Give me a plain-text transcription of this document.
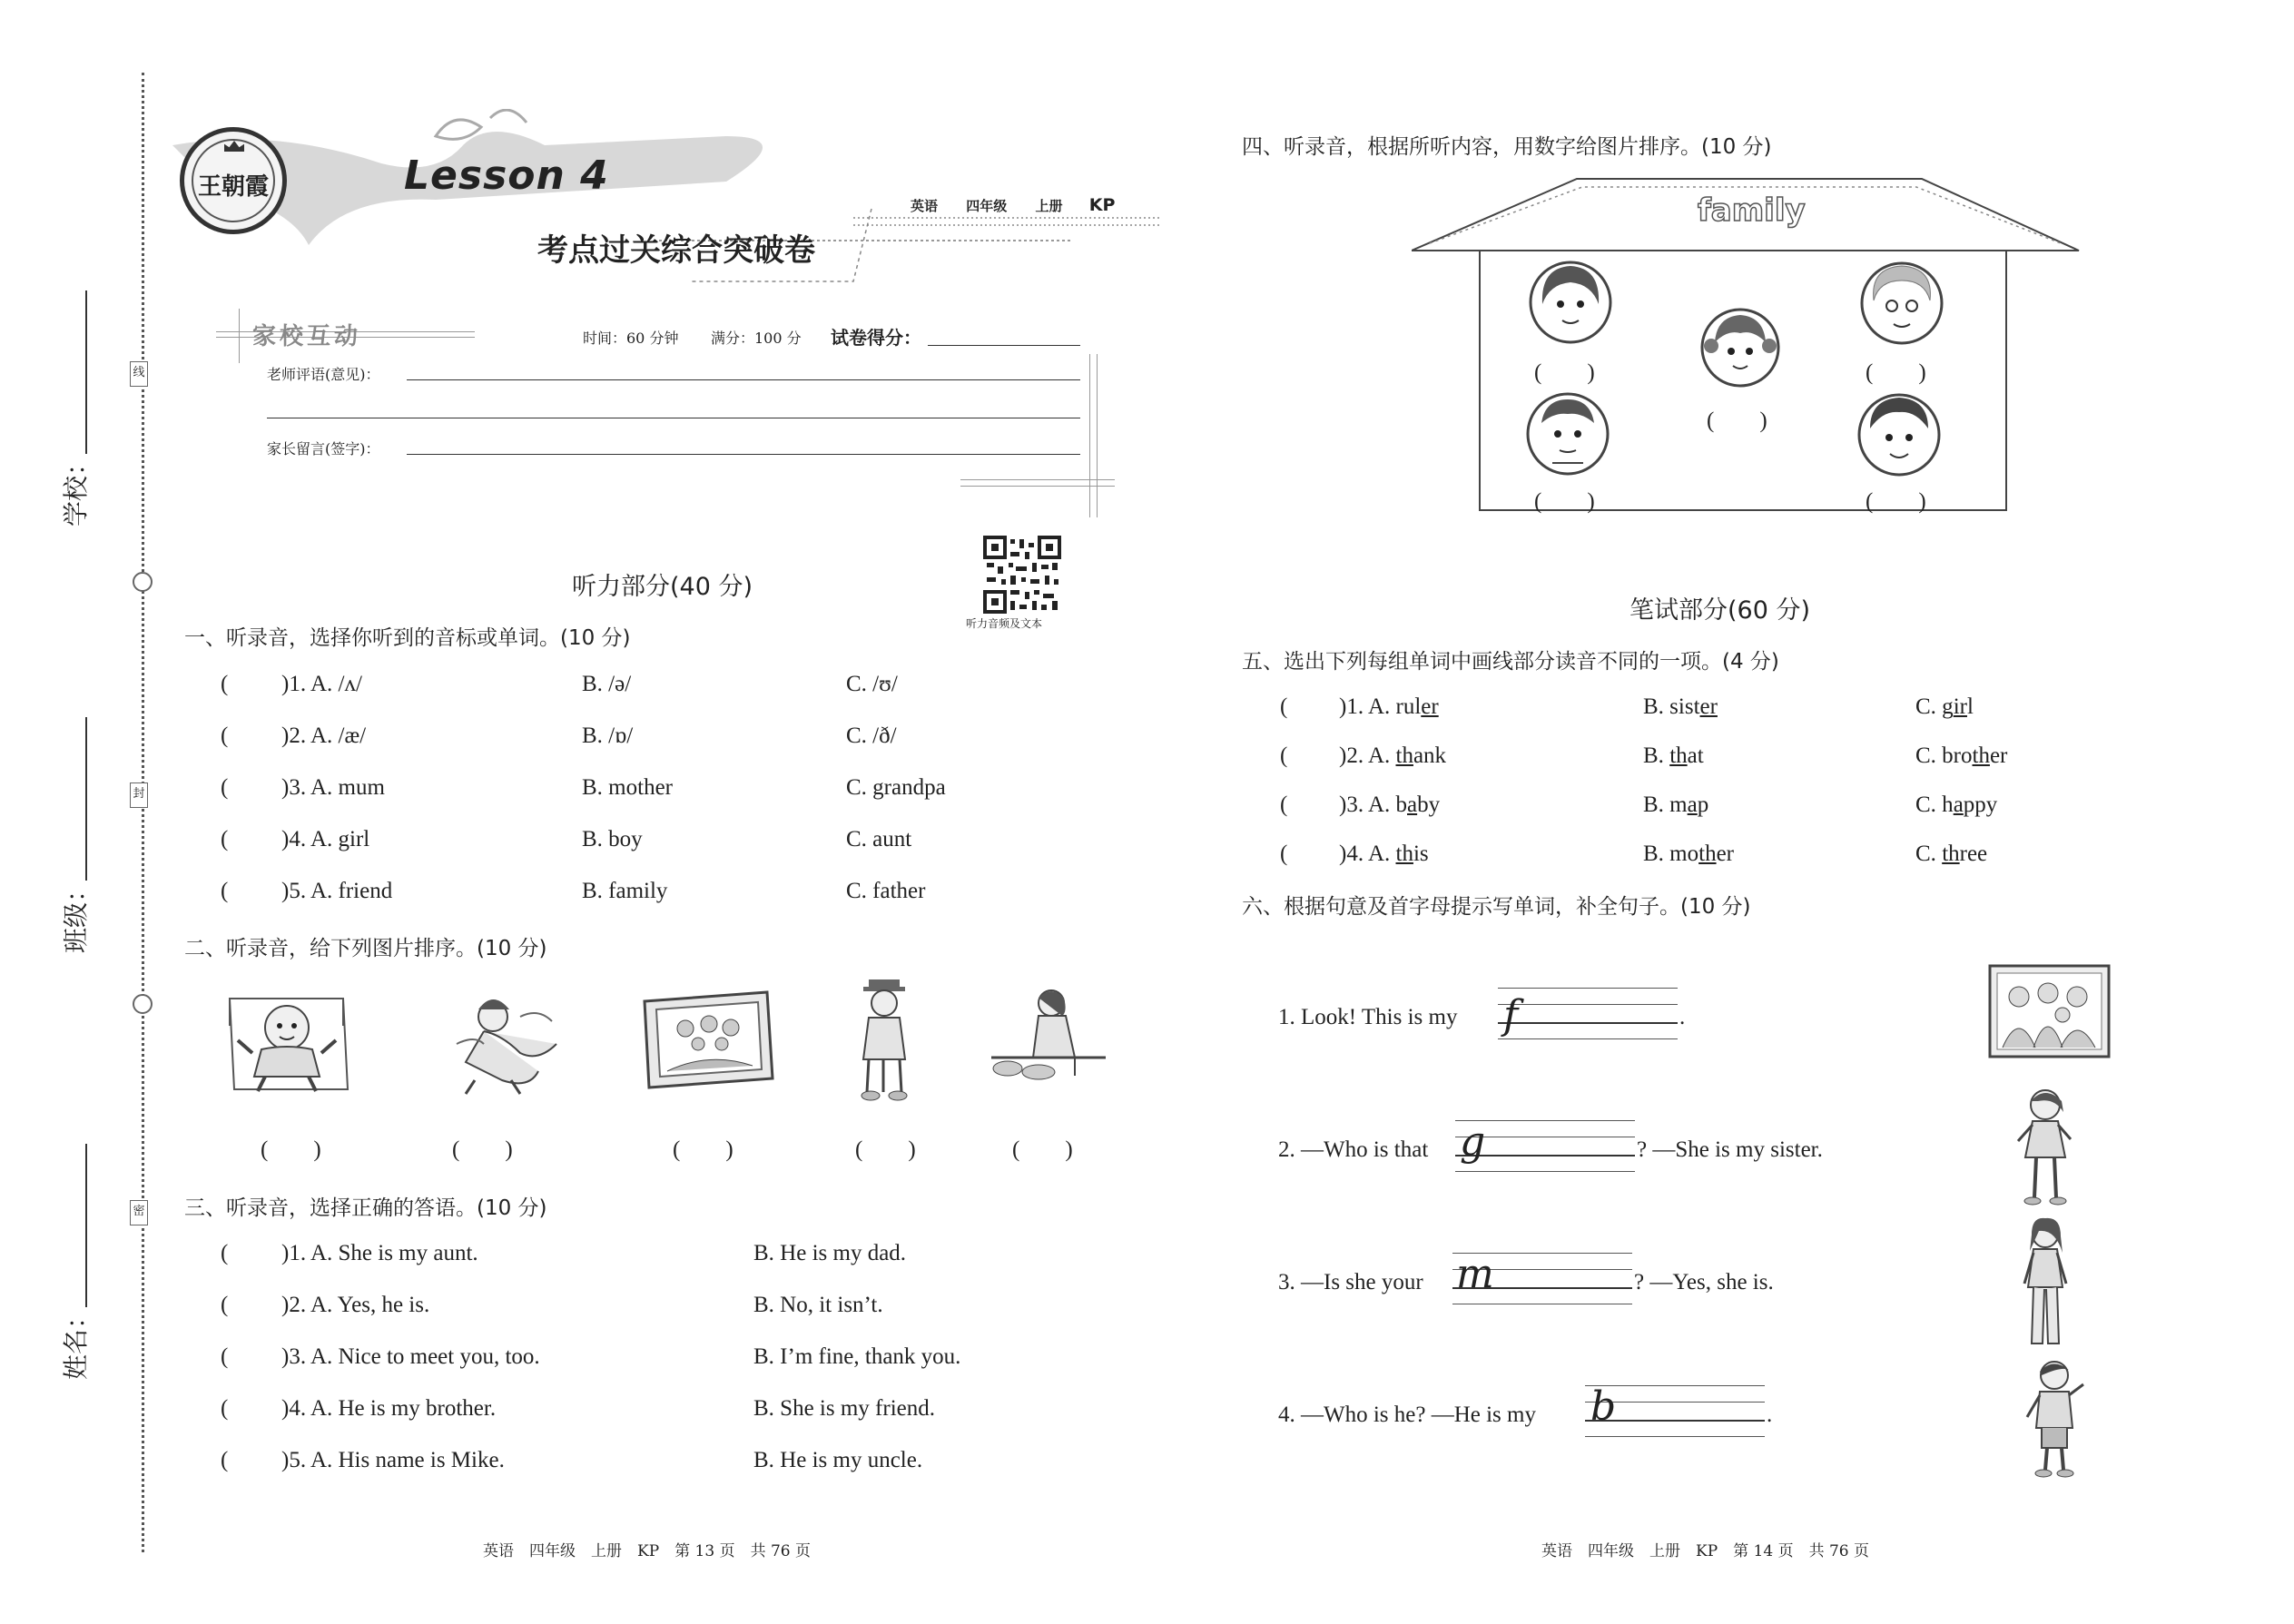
线
封
密
学校：
班级：
姓名：
王朝霞	Lesson 4
英语 四年级 上册 KP
考点过关综合突破卷
家校互动	时间：60 分钟 满分：100 分 试卷得分：
老师评语(意见)：
家长留言(签字)：
听力音频及文本
听力部分(40 分)
一、听录音，选择你听到的音标或单词。(10 分)
( )1. A. /ʌ/	B. /ə/	C. /ʊ/
( )2. A. /æ/	B. /ɒ/	C. /ð/
( )3. A. mum	B. mother	C. grandpa
( )4. A. girl	B. boy	C. aunt
( )5. A. friend	B. family	C. father
二、听录音，给下列图片排序。(10 分)
(　　)	(　　)	(　　)	(　　)	(　　)
三、听录音，选择正确的答语。(10 分)
( )1. A. She is my aunt.	B. He is my dad.
( )2. A. Yes, he is.	B. No, it isn’t.
( )3. A. Nice to meet you, too.	B. I’m fine, thank you.
( )4. A. He is my brother.	B. She is my friend.
( )5. A. His name is Mike.	B. He is my uncle.
英语　四年级　上册　KP　第 13 页　共 76 页
四、听录音，根据所听内容，用数字给图片排序。(10 分)
family
(　　)
(　　)
(　　)
(　　)	(　　)
笔试部分(60 分)
五、选出下列每组单词中画线部分读音不同的一项。(4 分)
( )1. A. ruler	B. sister	C. girl
( )2. A. thank	B. that	C. brother
( )3. A. baby	B. map	C. happy
( )4. A. this	B. mother	C. three
六、根据句意及首字母提示写单词，补全句子。(10 分)
1. Look! This is my f	.
2. —Who is that g	? —She is my sister.
3. —Is she your m	? —Yes, she is.
4. —Who is he? —He is my b	.
英语　四年级　上册　KP　第 14 页　共 76 页
